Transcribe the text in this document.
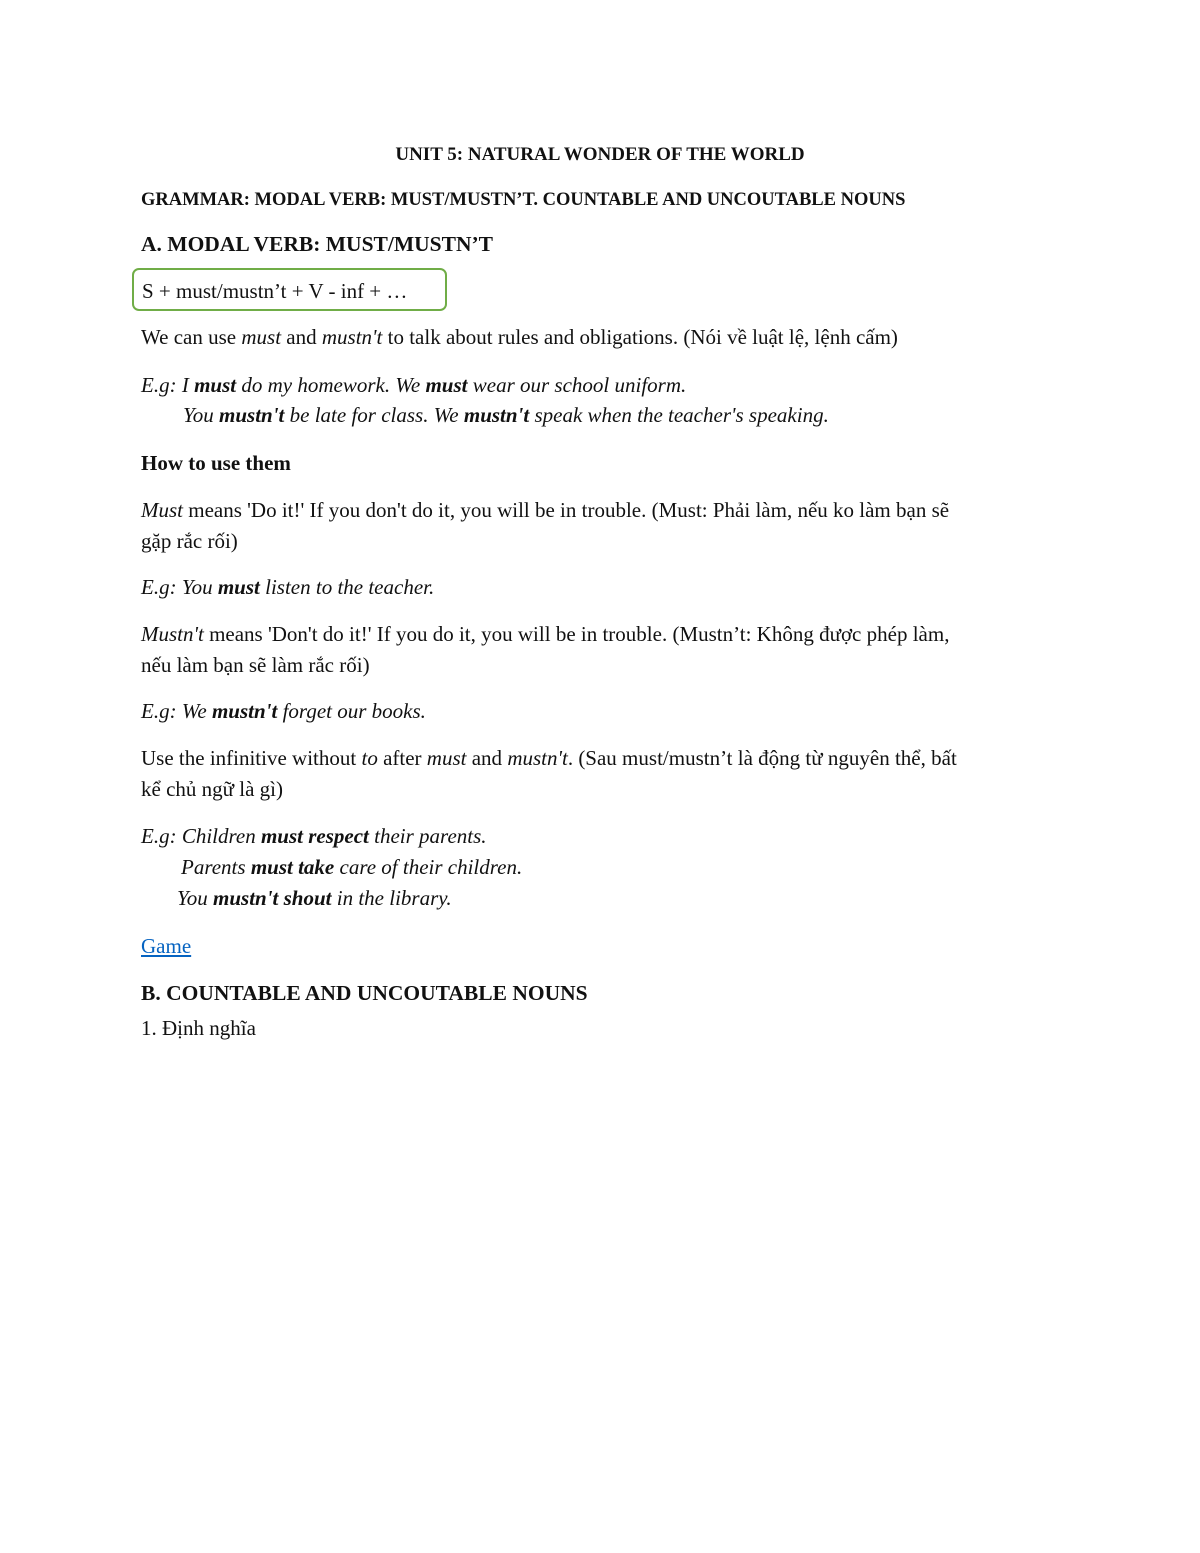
UNIT 5: NATURAL WONDER OF THE WORLD

GRAMMAR: MODAL VERB: MUST/MUSTN’T. COUNTABLE AND UNCOUTABLE NOUNS

A. MODAL VERB: MUST/MUSTN’T

S + must/mustn’t + V - inf + …

We can use must and mustn't to talk about rules and obligations. (Nói về luật lệ, lệnh cấm)

E.g: I must do my homework. We must wear our school uniform.

You mustn't be late for class. We mustn't speak when the teacher's speaking.

How to use them

Must means 'Do it!' If you don't do it, you will be in trouble. (Must: Phải làm, nếu ko làm bạn sẽ

gặp rắc rối)

E.g: You must listen to the teacher.

Mustn't means 'Don't do it!' If you do it, you will be in trouble. (Mustn’t: Không được phép làm,

nếu làm bạn sẽ làm rắc rối)

E.g: We mustn't forget our books.

Use the infinitive without to after must and mustn't. (Sau must/mustn’t là động từ nguyên thể, bất

kể chủ ngữ là gì)

E.g: Children must respect their parents.

Parents must take care of their children.

You mustn't shout in the library.

Game

B. COUNTABLE AND UNCOUTABLE NOUNS

1. Định nghĩa
